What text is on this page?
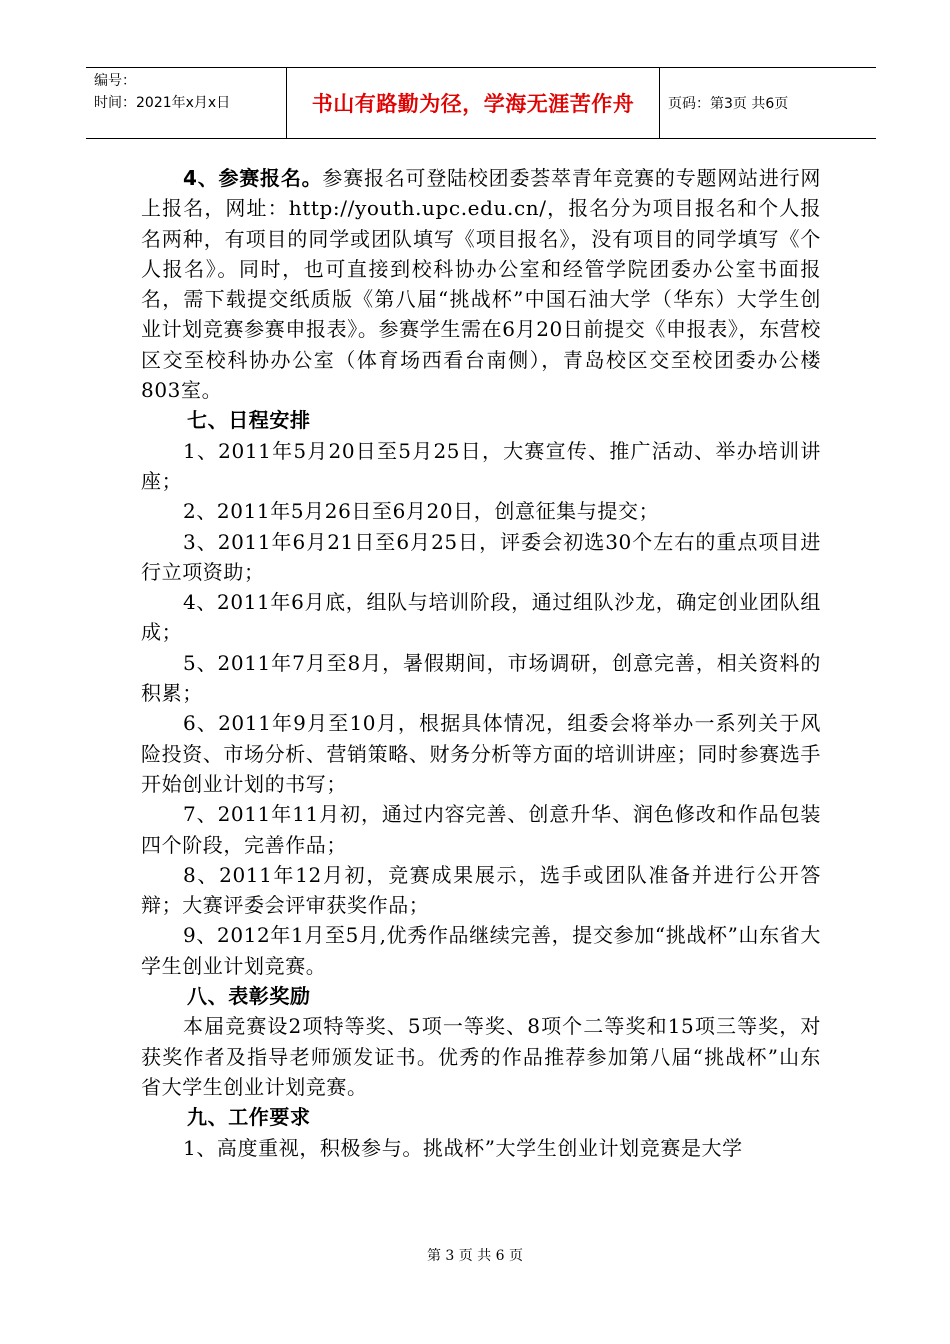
编号：
时间：2021年x月x日	书山有路勤为径，学海无涯苦作舟	页码：第3页 共6页

4、参赛报名。参赛报名可登陆校团委荟萃青年竞赛的专题网站进行网上报名，网址：http://youth.upc.edu.cn/，报名分为项目报名和个人报名两种，有项目的同学或团队填写《项目报名》，没有项目的同学填写《个人报名》。同时，也可直接到校科协办公室和经管学院团委办公室书面报名，需下载提交纸质版《第八届“挑战杯”中国石油大学（华东）大学生创业计划竞赛参赛申报表》。参赛学生需在6月20日前提交《申报表》，东营校区交至校科协办公室（体育场西看台南侧），青岛校区交至校团委办公楼803室。

七、日程安排

1、2011年5月20日至5月25日，大赛宣传、推广活动、举办培训讲座；

2、2011年5月26日至6月20日，创意征集与提交；

3、2011年6月21日至6月25日，评委会初选30个左右的重点项目进行立项资助；

4、2011年6月底，组队与培训阶段，通过组队沙龙，确定创业团队组成；

5、2011年7月至8月，暑假期间，市场调研，创意完善，相关资料的积累；

6、2011年9月至10月，根据具体情况，组委会将举办一系列关于风险投资、市场分析、营销策略、财务分析等方面的培训讲座；同时参赛选手开始创业计划的书写；

7、2011年11月初，通过内容完善、创意升华、润色修改和作品包装四个阶段，完善作品；

8、2011年12月初，竞赛成果展示，选手或团队准备并进行公开答辩；大赛评委会评审获奖作品；

9、2012年1月至5月,优秀作品继续完善，提交参加“挑战杯”山东省大学生创业计划竞赛。

八、表彰奖励

本届竞赛设2项特等奖、5项一等奖、8项个二等奖和15项三等奖，对获奖作者及指导老师颁发证书。优秀的作品推荐参加第八届“挑战杯”山东省大学生创业计划竞赛。

九、工作要求

1、高度重视，积极参与。挑战杯”大学生创业计划竞赛是大学

第 3 页 共 6 页
